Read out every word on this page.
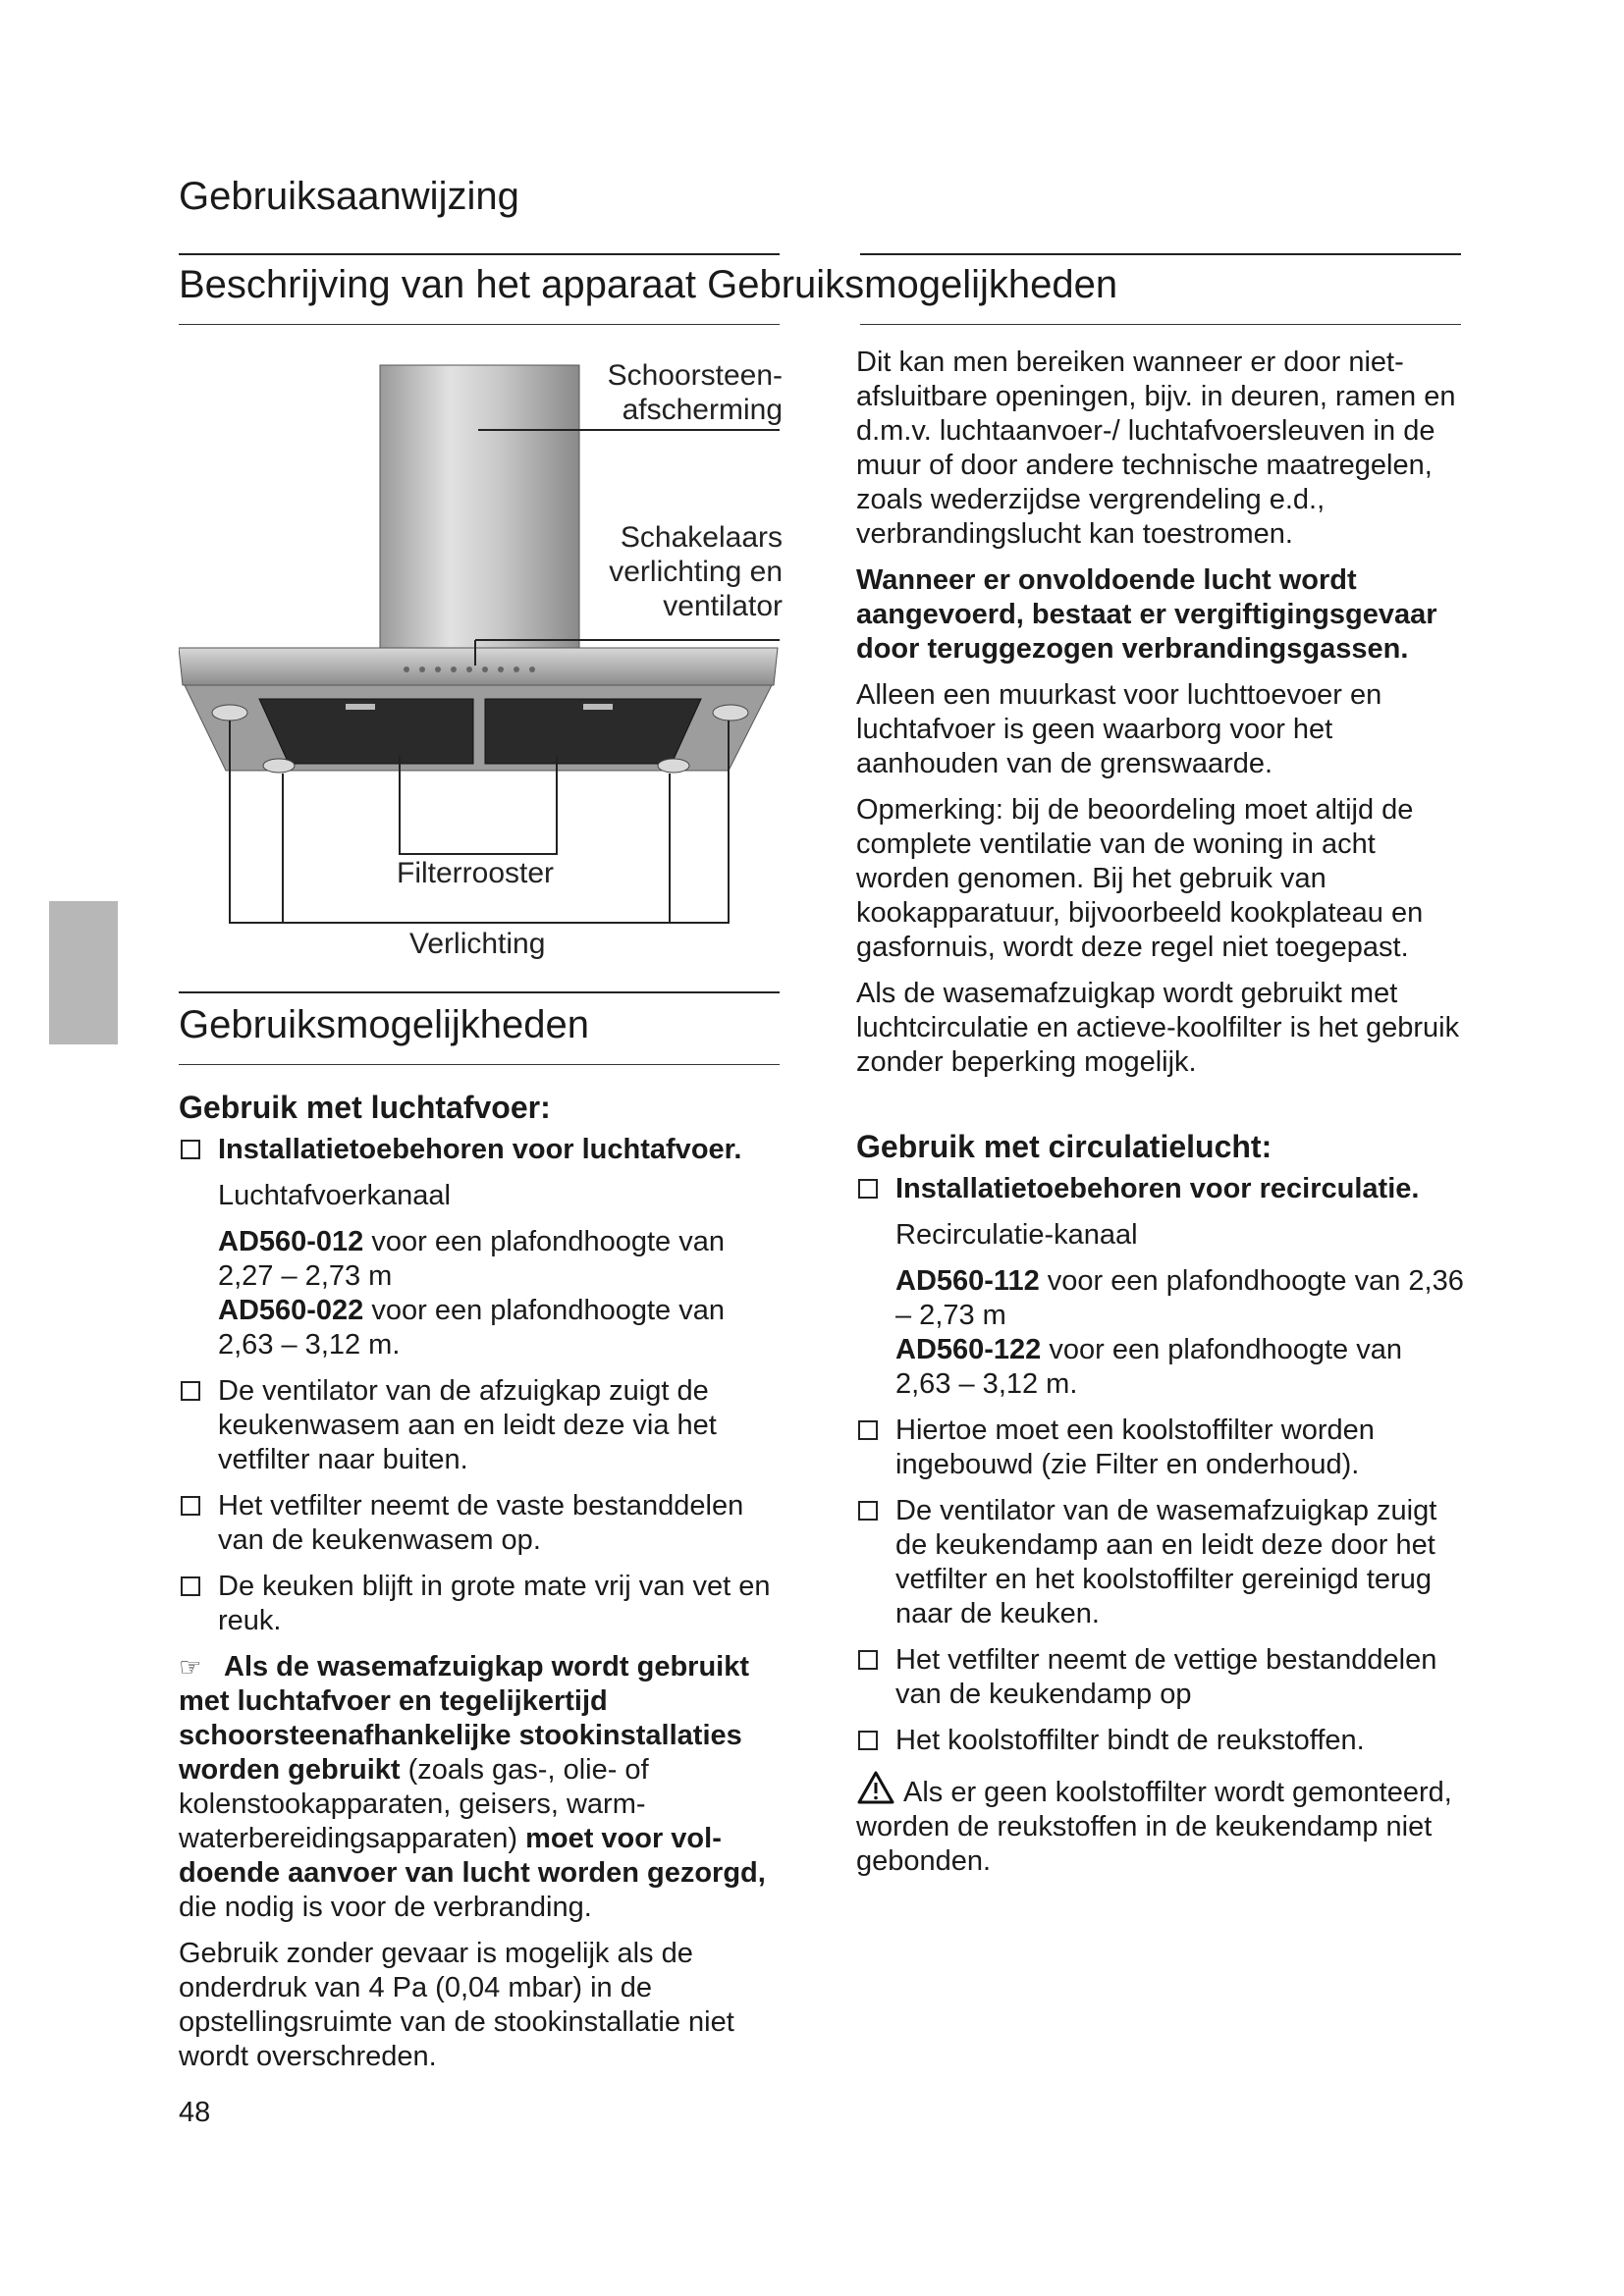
Gebruiksaanwijzing
Beschrijving van het apparaat Gebruiksmogelijkheden
Schoorsteen-
afscherming
Schakelaars
verlichting en
ventilator
Filterrooster
Verlichting
Gebruiksmogelijkheden
Gebruik met luchtafvoer:
Installatietoebehoren voor luchtafvoer.
Luchtafvoerkanaal
AD560-012 voor een plafondhoogte van 2,27 – 2,73 m
AD560-022 voor een plafondhoogte van 2,63 – 3,12 m.
De ventilator van de afzuigkap zuigt de keukenwasem aan en leidt deze via het vetfilter naar buiten.
Het vetfilter neemt de vaste bestanddelen van de keukenwasem op.
De keuken blijft in grote mate vrij van vet en reuk.
☞ Als de wasemafzuigkap wordt gebruikt met luchtafvoer en tegelijkertijd schoorsteenafhankelijke stookinstallaties worden gebruikt (zoals gas-, olie- of kolenstookapparaten, geisers, warmwaterbereidingsapparaten) moet voor voldoende aanvoer van lucht worden gezorgd, die nodig is voor de verbranding.
Gebruik zonder gevaar is mogelijk als de onderdruk van 4 Pa (0,04 mbar) in de opstellingsruimte van de stookinstallatie niet wordt overschreden.
Dit kan men bereiken wanneer er door niet-afsluitbare openingen, bijv. in deuren, ramen en d.m.v. luchtaanvoer-/ luchtafvoersleuven in de muur of door andere technische maatregelen, zoals wederzijdse vergrendeling e.d., verbrandingslucht kan toestromen.
Wanneer er onvoldoende lucht wordt aangevoerd, bestaat er vergiftigingsgevaar door teruggezogen verbrandingsgassen.
Alleen een muurkast voor luchttoevoer en luchtafvoer is geen waarborg voor het aanhouden van de grenswaarde.
Opmerking: bij de beoordeling moet altijd de complete ventilatie van de woning in acht worden genomen. Bij het gebruik van kookapparatuur, bijvoorbeeld kookplateau en gasfornuis, wordt deze regel niet toegepast.
Als de wasemafzuigkap wordt gebruikt met luchtcirculatie en actieve-koolfilter is het gebruik zonder beperking mogelijk.
Gebruik met circulatielucht:
Installatietoebehoren voor recirculatie.
Recirculatie-kanaal
AD560-112 voor een plafondhoogte van 2,36 – 2,73 m
AD560-122 voor een plafondhoogte van 2,63 – 3,12 m.
Hiertoe moet een koolstoffilter worden ingebouwd (zie Filter en onderhoud).
De ventilator van de wasemafzuigkap zuigt de keukendamp aan en leidt deze door het vetfilter en het koolstoffilter gereinigd terug naar de keuken.
Het vetfilter neemt de vettige bestanddelen van de keukendamp op
Het koolstoffilter bindt de reukstoffen.
Als er geen koolstoffilter wordt gemonteerd, worden de reukstoffen in de keukendamp niet gebonden.
48
